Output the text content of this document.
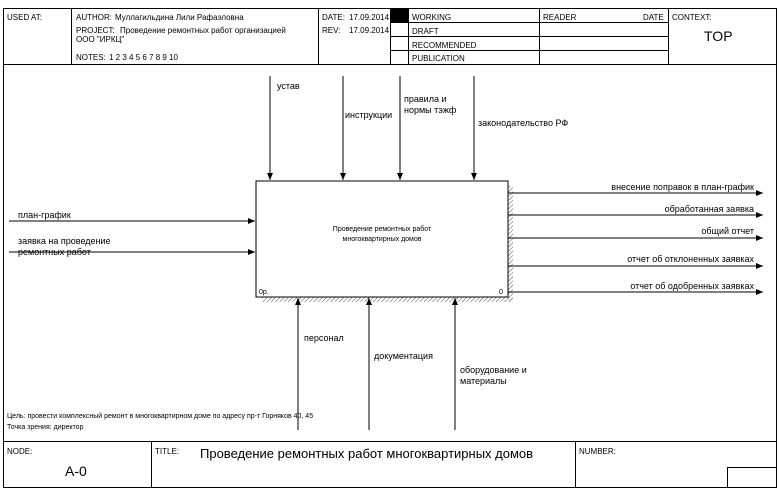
USED AT:	AUTHOR: Муллагильдина Лили Рафаэловна
PROJECT: Проведение ремонтных работ организацией
ООО "ИРКЦ"
NOTES: 1 2 3 4 5 6 7 8 9 10
DATE: 17.09.2014
REV: 17.09.2014
WORKING
DRAFT
RECOMMENDED
PUBLICATION
READER	DATE CONTEXT:
TOP
Проведение ремонтных работ
многоквартирных домов
0р.	0
устав
инструкции
правила и
нормы тэжф
законодательство РФ
план-график
заявка на проведение
ремонтных работ
внесение поправок в план-график
обработанная заявка
общий отчет
отчет об отклоненных заявках
отчет об одобренных заявках
персонал
документация
оборудование и
материалы
Цель: провести комплексный ремонт в многоквартирном доме по адресу пр-т Горняков 40, 45
Точка зрения: директор
NODE:
А-0
TITLE: Проведение ремонтных работ многоквартирных домов	NUMBER:
